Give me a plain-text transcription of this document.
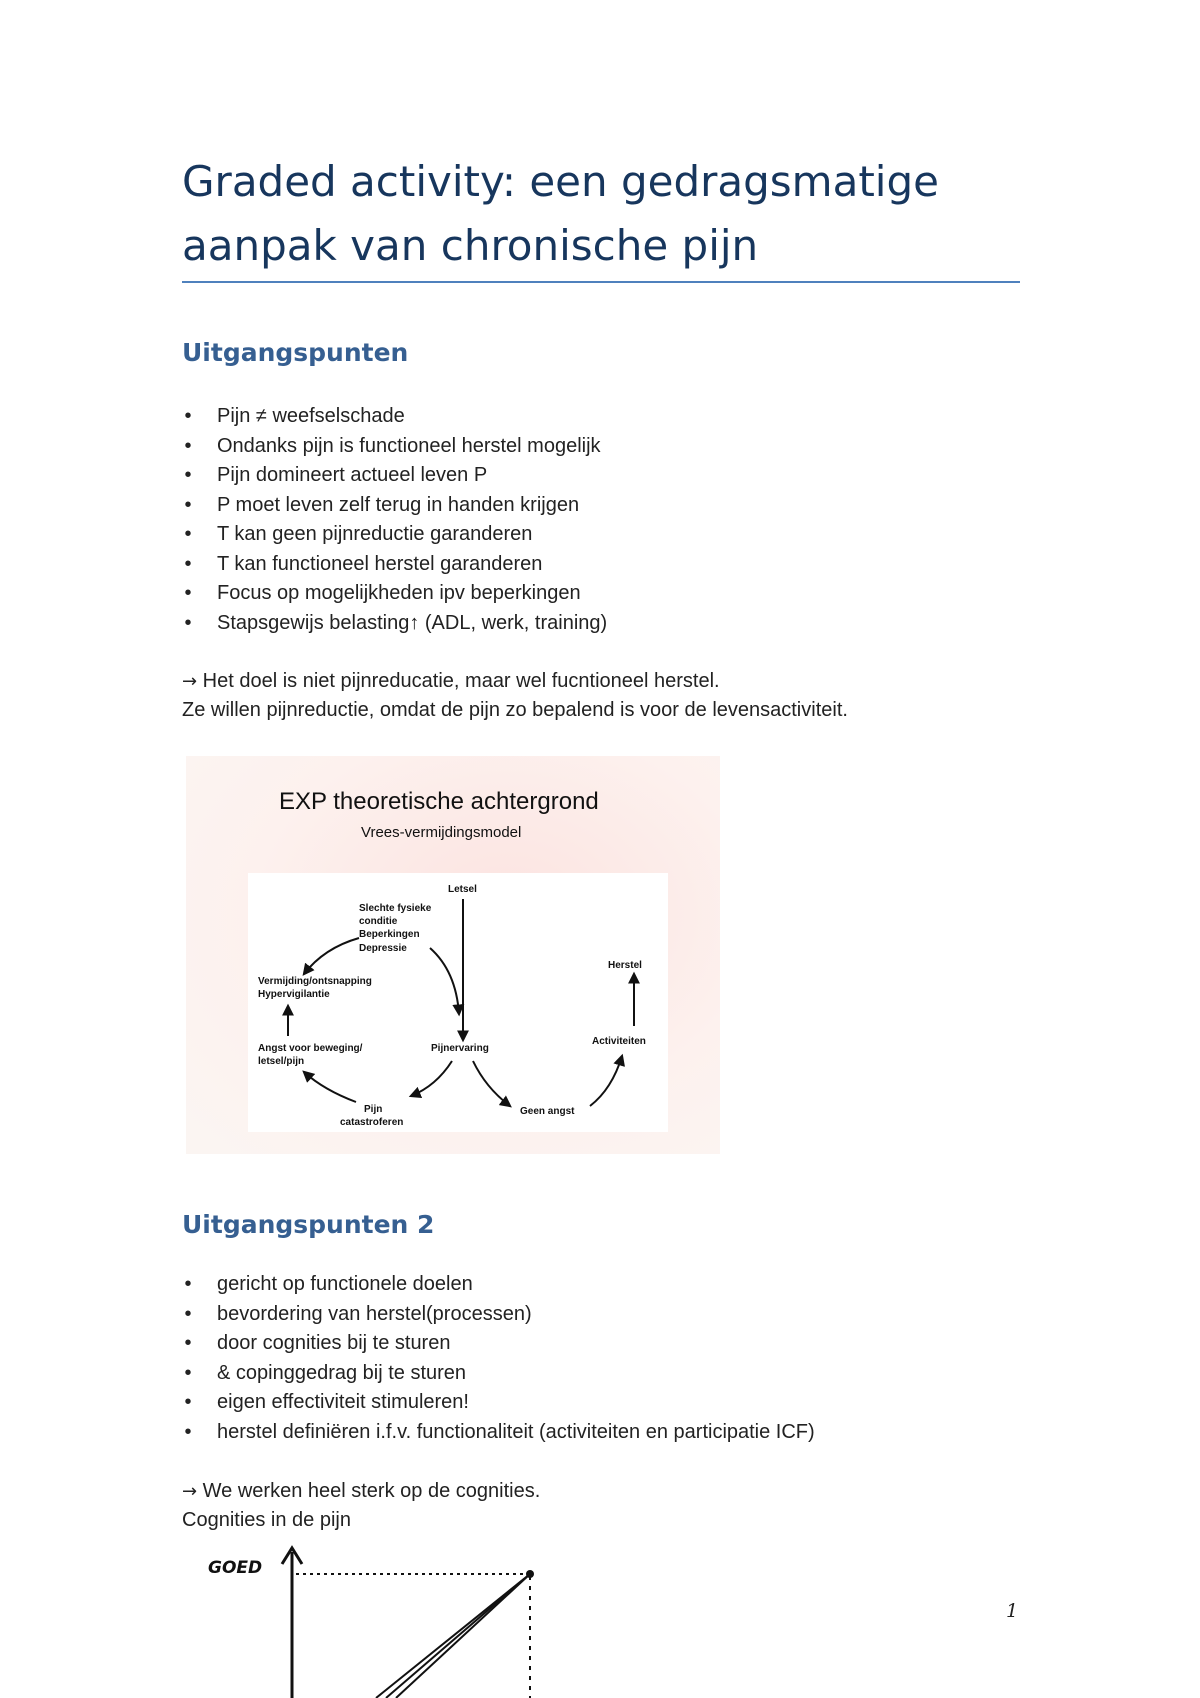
Graded activity: een gedragsmatige aanpak van chronische pijn
Uitgangspunten
• Pijn ≠ weefselschade
• Ondanks pijn is functioneel herstel mogelijk
• Pijn domineert actueel leven P
• P moet leven zelf terug in handen krijgen
• T kan geen pijnreductie garanderen
• T kan functioneel herstel garanderen
• Focus op mogelijkheden ipv beperkingen
• Stapsgewijs belasting↑ (ADL, werk, training)

→ Het doel is niet pijnreducatie, maar wel fucntioneel herstel.

Ze willen pijnreductie, omdat de pijn zo bepalend is voor de levensactiviteit.

EXP theoretische achtergrond
Vrees-vermijdingsmodel
Letsel
Slechte fysieke
conditie
Beperkingen
Depressie
Vermijding/ontsnapping
Hypervigilantie
Angst voor beweging/
letsel/pijn
Pijnervaring
Pijn
catastroferen
Geen angst
Activiteiten
Herstel
Uitgangspunten 2
• gericht op functionele doelen
• bevordering van herstel(processen)
• door cognities bij te sturen
• & copinggedrag bij te sturen
• eigen effectiviteit stimuleren!
• herstel definiëren i.f.v. functionaliteit (activiteiten en participatie ICF)

→ We werken heel sterk op de cognities.

Cognities in de pijn

GOED
1
